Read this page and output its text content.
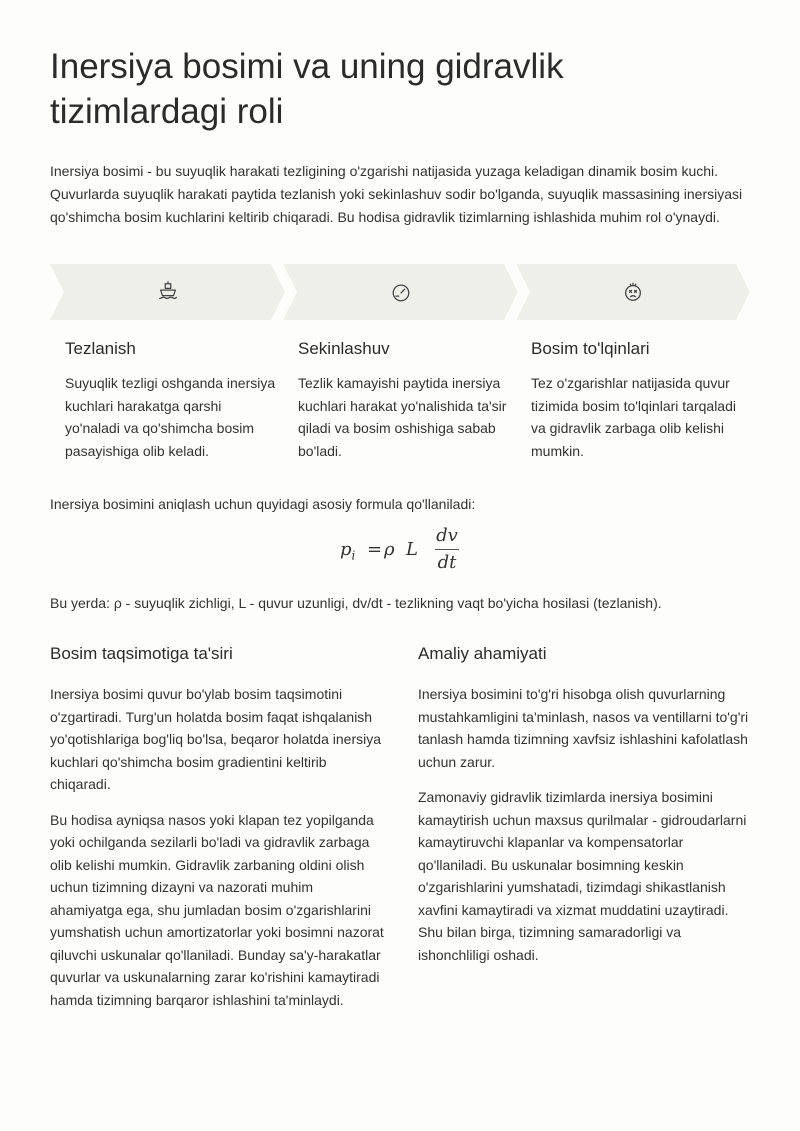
Inersiya bosimi va uning gidravlik tizimlardagi roli

Inersiya bosimi - bu suyuqlik harakati tezligining o'zgarishi natijasida yuzaga keladigan dinamik bosim kuchi. Quvurlarda suyuqlik harakati paytida tezlanish yoki sekinlashuv sodir bo'lganda, suyuqlik massasining inersiyasi qo'shimcha bosim kuchlarini keltirib chiqaradi. Bu hodisa gidravlik tizimlarning ishlashida muhim rol o'ynaydi.

Tezlanish

Suyuqlik tezligi oshganda inersiya kuchlari harakatga qarshi yo'naladi va qo'shimcha bosim pasayishiga olib keladi.

Sekinlashuv

Tezlik kamayishi paytida inersiya kuchlari harakat yo'nalishida ta'sir qiladi va bosim oshishiga sabab bo'ladi.

Bosim to'lqinlari

Tez o'zgarishlar natijasida quvur tizimida bosim to'lqinlari tarqaladi va gidravlik zarbaga olib kelishi mumkin.

Inersiya bosimini aniqlash uchun quyidagi asosiy formula qo'llaniladi:

$p_i = \rho$ L
dv
dt

Bu yerda: ρ - suyuqlik zichligi, L - quvur uzunligi, dv/dt - tezlikning vaqt bo'yicha hosilasi (tezlanish).

Bosim taqsimotiga ta'siri

Inersiya bosimi quvur bo'ylab bosim taqsimotini o'zgartiradi. Turg'un holatda bosim faqat ishqalanish yo'qotishlariga bog'liq bo'lsa, beqaror holatda inersiya kuchlari qo'shimcha bosim gradientini keltirib chiqaradi.

Bu hodisa ayniqsa nasos yoki klapan tez yopilganda yoki ochilganda sezilarli bo'ladi va gidravlik zarbaga olib kelishi mumkin. Gidravlik zarbaning oldini olish uchun tizimning dizayni va nazorati muhim ahamiyatga ega, shu jumladan bosim o'zgarishlarini yumshatish uchun amortizatorlar yoki bosimni nazorat qiluvchi uskunalar qo'llaniladi. Bunday sa'y-harakatlar quvurlar va uskunalarning zarar ko'rishini kamaytiradi hamda tizimning barqaror ishlashini ta'minlaydi.

Amaliy ahamiyati

Inersiya bosimini to'g'ri hisobga olish quvurlarning mustahkamligini ta'minlash, nasos va ventillarni to'g'ri tanlash hamda tizimning xavfsiz ishlashini kafolatlash uchun zarur.

Zamonaviy gidravlik tizimlarda inersiya bosimini kamaytirish uchun maxsus qurilmalar - gidroudarlarni kamaytiruvchi klapanlar va kompensatorlar qo'llaniladi. Bu uskunalar bosimning keskin o'zgarishlarini yumshatadi, tizimdagi shikastlanish xavfini kamaytiradi va xizmat muddatini uzaytiradi. Shu bilan birga, tizimning samaradorligi va ishonchliligi oshadi.
